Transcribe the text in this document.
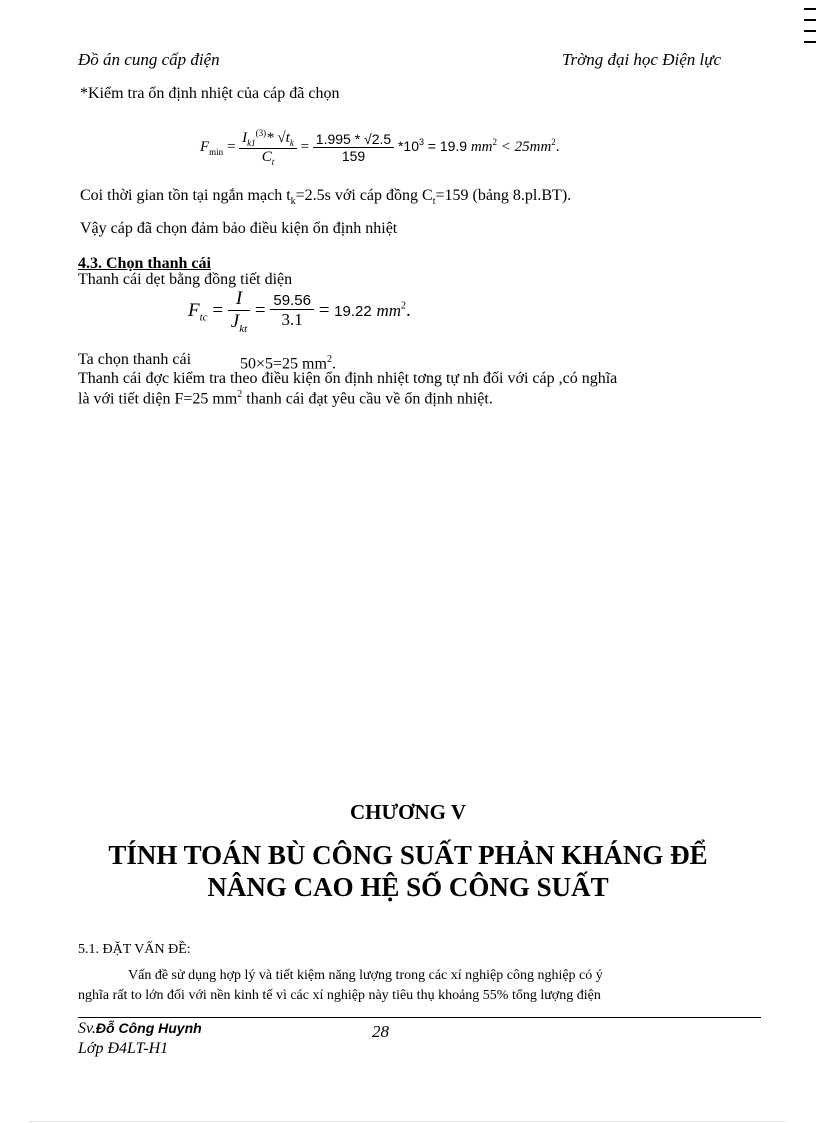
Đồ án cung cấp điện	Trờng đại học Điện lực
*Kiểm tra ổn định nhiệt của cáp đã chọn
$F_{min} = \frac{I_{k1}^{(3)}* √t_k}{C_t} = \frac{1.995 * √2.5}{159} *10^3 = 19.9$ $mm^2 < 25mm^2$.
Coi thời gian tồn tại ngắn mạch $t_k=2.5s$ với cáp đồng $C_t=159$ (bảng 8.pl.BT).
Vậy cáp đã chọn đảm bảo điều kiện ổn định nhiệt
4.3. Chọn thanh cái
Thanh cái dẹt bằng đồng tiết diện
$F_{tc} = \frac{I}{J_{kt}} = \frac{59.56}{3.1} = 19.22$ $mm^2$.
Ta chọn thanh cái	50×5=25 $mm^2$.
Thanh cái đợc kiểm tra theo điều kiện ổn định nhiệt tơng tự nh đối với cáp ,có nghĩa
là với tiết diện F=25 $mm^2$ thanh cái đạt yêu cầu về ổn định nhiệt.
CHƯƠNG V
TÍNH TOÁN BÙ CÔNG SUẤT PHẢN KHÁNG ĐỂ
NÂNG CAO HỆ SỐ CÔNG SUẤT
5.1. ĐẶT VẤN ĐỀ:
Vấn đề sử dụng hợp lý và tiết kiệm năng lượng trong các xí nghiệp công nghiệp có ý
nghĩa rất to lớn đối với nền kinh tế vì các xí nghiệp này tiêu thụ khoảng 55% tổng lượng điện
Sv.Đỗ Công Huynh	28
Lớp Đ4LT-H1
